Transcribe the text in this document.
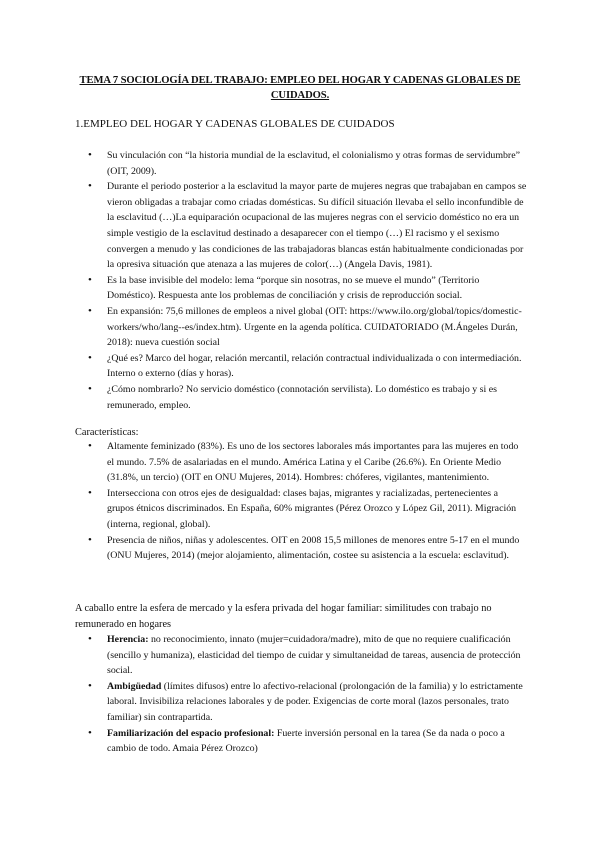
TEMA 7 SOCIOLOGÍA DEL TRABAJO: EMPLEO DEL HOGAR Y CADENAS GLOBALES DE CUIDADOS.
1.EMPLEO DEL HOGAR Y CADENAS GLOBALES DE CUIDADOS
• Su vinculación con “la historia mundial de la esclavitud, el colonialismo y otras formas de servidumbre” (OIT, 2009).
• Durante el periodo posterior a la esclavitud la mayor parte de mujeres negras que trabajaban en campos se vieron obligadas a trabajar como criadas domésticas. Su difícil situación llevaba el sello inconfundible de la esclavitud (…)La equiparación ocupacional de las mujeres negras con el servicio doméstico no era un simple vestigio de la esclavitud destinado a desaparecer con el tiempo (…) El racismo y el sexismo convergen a menudo y las condiciones de las trabajadoras blancas están habitualmente condicionadas por la opresiva situación que atenaza a las mujeres de color(…) (Angela Davis, 1981).
• Es la base invisible del modelo: lema “porque sin nosotras, no se mueve el mundo” (Territorio Doméstico). Respuesta ante los problemas de conciliación y crisis de reproducción social.
• En expansión: 75,6 millones de empleos a nivel global (OIT: https://www.ilo.org/global/topics/domestic-workers/who/lang--es/index.htm). Urgente en la agenda política. CUIDATORIADO (M.Ángeles Durán, 2018): nueva cuestión social
• ¿Qué es? Marco del hogar, relación mercantil, relación contractual individualizada o con intermediación. Interno o externo (días y horas).
• ¿Cómo nombrarlo? No servicio doméstico (connotación servilista). Lo doméstico es trabajo y si es remunerado, empleo.
Características:
• Altamente feminizado (83%). Es uno de los sectores laborales más importantes para las mujeres en todo el mundo. 7.5% de asalariadas en el mundo. América Latina y el Caribe (26.6%). En Oriente Medio (31.8%, un tercio) (OIT en ONU Mujeres, 2014). Hombres: chóferes, vigilantes, mantenimiento.
• Intersecciona con otros ejes de desigualdad: clases bajas, migrantes y racializadas, pertenecientes a grupos étnicos discriminados. En España, 60% migrantes (Pérez Orozco y López Gil, 2011). Migración (interna, regional, global).
• Presencia de niños, niñas y adolescentes. OIT en 2008 15,5 millones de menores entre 5-17 en el mundo (ONU Mujeres, 2014) (mejor alojamiento, alimentación, costee su asistencia a la escuela: esclavitud).
A caballo entre la esfera de mercado y la esfera privada del hogar familiar: similitudes con trabajo no remunerado en hogares
• Herencia: no reconocimiento, innato (mujer=cuidadora/madre), mito de que no requiere cualificación (sencillo y humaniza), elasticidad del tiempo de cuidar y simultaneidad de tareas, ausencia de protección social.
• Ambigüedad (límites difusos) entre lo afectivo-relacional (prolongación de la familia) y lo estrictamente laboral. Invisibiliza relaciones laborales y de poder. Exigencias de corte moral (lazos personales, trato familiar) sin contrapartida.
• Familiarización del espacio profesional: Fuerte inversión personal en la tarea (Se da nada o poco a cambio de todo. Amaia Pérez Orozco)
